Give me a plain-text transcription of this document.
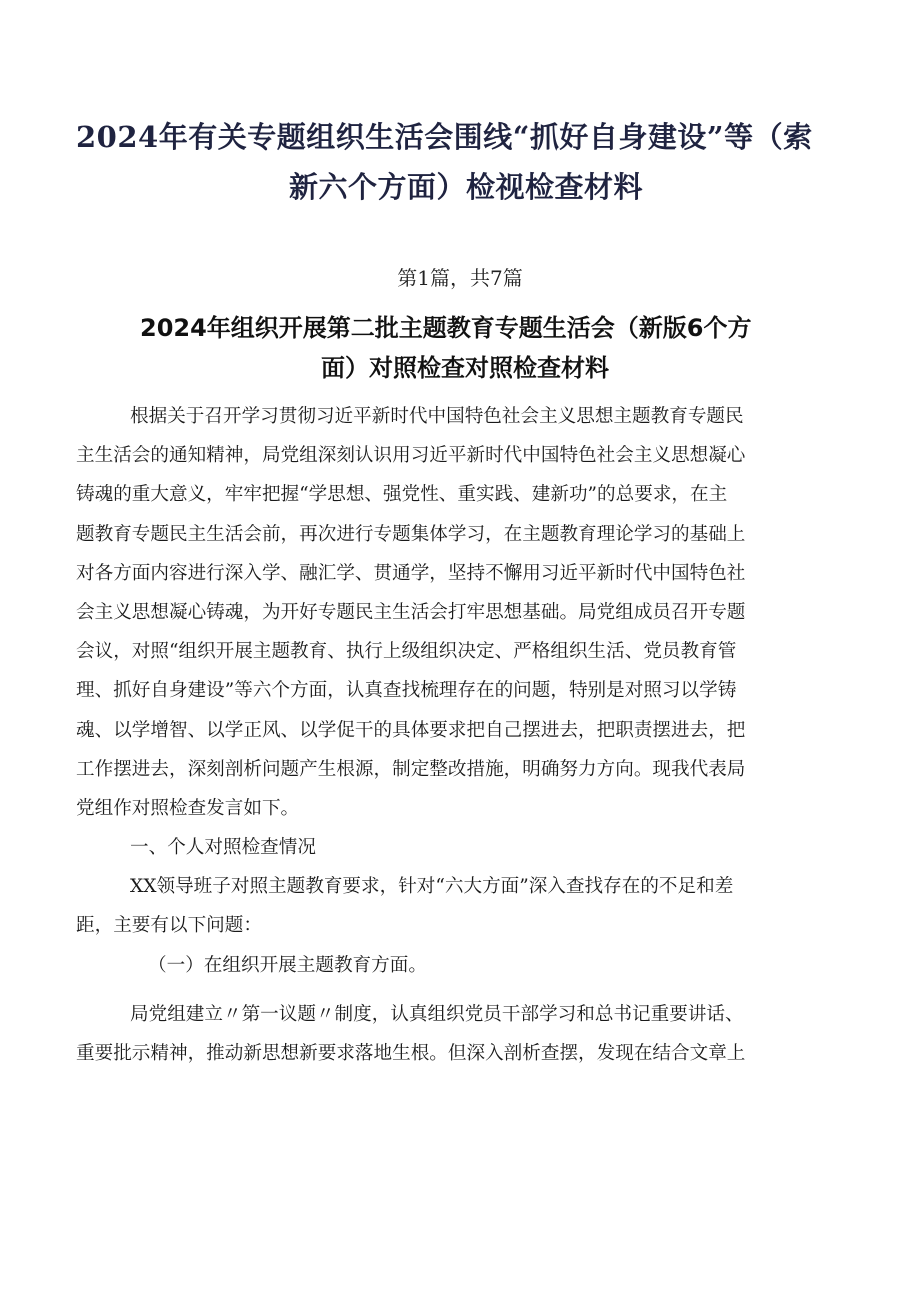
2024年有关专题组织生活会围线“抓好自身建设”等（索
新六个方面）检视检查材料

第1篇，共7篇

2024年组织开展第二批主题教育专题生活会（新版6个方
面）对照检查对照检查材料
根据关于召开学习贯彻习近平新时代中国特色社会主义思想主题教育专题民
主生活会的通知精神，局党组深刻认识用习近平新时代中国特色社会主义思想凝心
铸魂的重大意义，牢牢把握“学思想、强党性、重实践、建新功”的总要求，在主
题教育专题民主生活会前，再次进行专题集体学习，在主题教育理论学习的基础上
对各方面内容进行深入学、融汇学、贯通学，坚持不懈用习近平新时代中国特色社
会主义思想凝心铸魂，为开好专题民主生活会打牢思想基础。局党组成员召开专题
会议，对照“组织开展主题教育、执行上级组织决定、严格组织生活、党员教育管
理、抓好自身建设”等六个方面，认真查找梳理存在的问题，特别是对照习以学铸
魂、以学增智、以学正风、以学促干的具体要求把自己摆进去，把职责摆进去，把
工作摆进去，深刻剖析问题产生根源，制定整改措施，明确努力方向。现我代表局
党组作对照检查发言如下。
一、个人对照检查情况
XX领导班子对照主题教育要求，针对“六大方面”深入查找存在的不足和差
距，主要有以下问题：
（一）在组织开展主题教育方面。
局党组建立〃第一议题〃制度，认真组织党员干部学习和总书记重要讲话、
重要批示精神，推动新思想新要求落地生根。但深入剖析查摆，发现在结合文章上
